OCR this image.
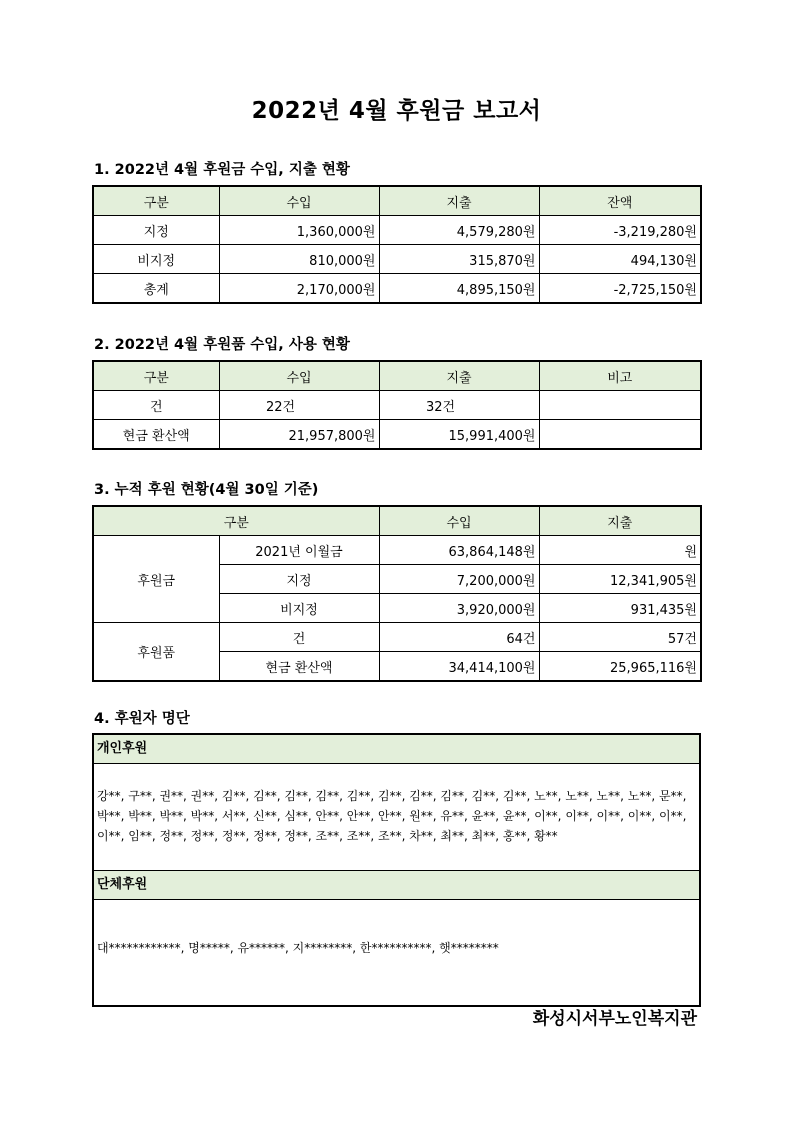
2022년 4월 후원금 보고서
1. 2022년 4월 후원금 수입, 지출 현황
구분	수입	지출	잔액
지정	1,360,000원	4,579,280원	-3,219,280원
비지정	810,000원	315,870원	494,130원
총계	2,170,000원	4,895,150원	-2,725,150원
2. 2022년 4월 후원품 수입, 사용 현황
구분	수입	지출	비고
건	22건	32건	
현금 환산액	21,957,800원	15,991,400원	
3. 누적 후원 현황(4월 30일 기준)
구분		수입	지출
후원금	2021년 이월금	63,864,148원	원
	지정	7,200,000원	12,341,905원
	비지정	3,920,000원	931,435원
후원품	건	64건	57건
	현금 환산액	34,414,100원	25,965,116원
4. 후원자 명단
개인후원
강**, 구**, 권**, 권**, 김**, 김**, 김**, 김**, 김**, 김**, 김**, 김**, 김**, 김**, 노**, 노**, 노**, 노**, 문**, 박**, 박**, 박**, 박**, 서**, 신**, 심**, 안**, 안**, 안**, 원**, 유**, 윤**, 윤**, 이**, 이**, 이**, 이**, 이**, 이**, 임**, 정**, 정**, 정**, 정**, 정**, 조**, 조**, 조**, 차**, 최**, 최**, 홍**, 황**
단체후원
대************, 명*****, 유******, 지********, 한**********, 햇********
화성시서부노인복지관
